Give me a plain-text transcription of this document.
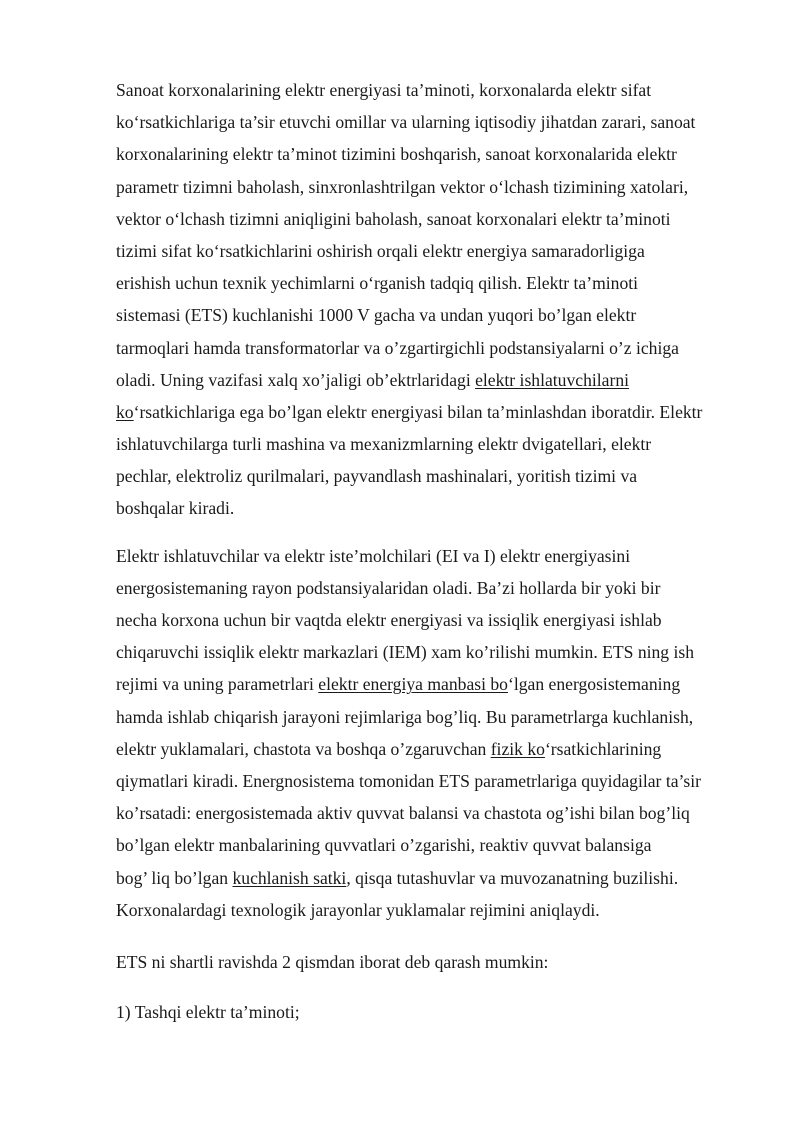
Sanoat korxonalarining elektr energiyasi ta’minoti, korxonalarda elektr sifat
ko‘rsatkichlariga ta’sir etuvchi omillar va ularning iqtisodiy jihatdan zarari, sanoat
korxonalarining elektr ta’minot tizimini boshqarish, sanoat korxonalarida elektr
parametr tizimni baholash, sinxronlashtrilgan vektor o‘lchash tizimining xatolari,
vektor o‘lchash tizimni aniqligini baholash, sanoat korxonalari elektr ta’minoti
tizimi sifat ko‘rsatkichlarini oshirish orqali elektr energiya samaradorligiga
erishish uchun texnik yechimlarni o‘rganish tadqiq qilish. Elektr ta’minoti
sistemasi (ETS) kuchlanishi 1000 V gacha va undan yuqori bo’lgan elektr
tarmoqlari hamda transformatorlar va o’zgartirgichli podstansiyalarni o’z ichiga
oladi. Uning vazifasi xalq xo’jaligi ob’ektrlaridagi elektr ishlatuvchilarni
ko‘rsatkichlariga ega bo’lgan elektr energiyasi bilan ta’minlashdan iboratdir. Elektr
ishlatuvchilarga turli mashina va mexanizmlarning elektr dvigatellari, elektr
pechlar, elektroliz qurilmalari, payvandlash mashinalari, yoritish tizimi va
boshqalar kiradi.
Elektr ishlatuvchilar va elektr iste’molchilari (EI va I) elektr energiyasini
energosistemaning rayon podstansiyalaridan oladi. Ba’zi hollarda bir yoki bir
necha korxona uchun bir vaqtda elektr energiyasi va issiqlik energiyasi ishlab
chiqaruvchi issiqlik elektr markazlari (IEM) xam ko’rilishi mumkin. ETS ning ish
rejimi va uning parametrlari elektr energiya manbasi bo‘lgan energosistemaning
hamda ishlab chiqarish jarayoni rejimlariga bog’liq. Bu parametrlarga kuchlanish,
elektr yuklamalari, chastota va boshqa o’zgaruvchan fizik ko‘rsatkichlarining
qiymatlari kiradi. Energnosistema tomonidan ETS parametrlariga quyidagilar ta’sir
ko’rsatadi: energosistemada aktiv quvvat balansi va chastota og’ishi bilan bog’liq
bo’lgan elektr manbalarining quvvatlari o’zgarishi, reaktiv quvvat balansiga
bog’ liq bo’lgan kuchlanish satki, qisqa tutashuvlar va muvozanatning buzilishi.
Korxonalardagi texnologik jarayonlar yuklamalar rejimini aniqlaydi.
ETS ni shartli ravishda 2 qismdan iborat deb qarash mumkin:
1) Tashqi elektr ta’minoti;
